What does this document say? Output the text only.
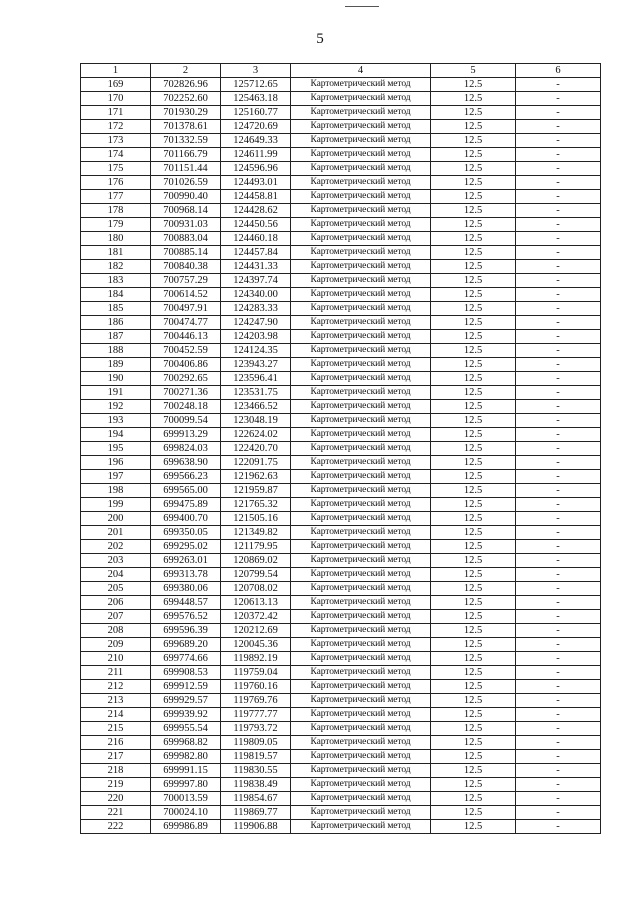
5
1	2	3	4	5	6
169	702826.96	125712.65	Картометрический метод	12.5	-
170	702252.60	125463.18	Картометрический метод	12.5	-
171	701930.29	125160.77	Картометрический метод	12.5	-
172	701378.61	124720.69	Картометрический метод	12.5	-
173	701332.59	124649.33	Картометрический метод	12.5	-
174	701166.79	124611.99	Картометрический метод	12.5	-
175	701151.44	124596.96	Картометрический метод	12.5	-
176	701026.59	124493.01	Картометрический метод	12.5	-
177	700990.40	124458.81	Картометрический метод	12.5	-
178	700968.14	124428.62	Картометрический метод	12.5	-
179	700931.03	124450.56	Картометрический метод	12.5	-
180	700883.04	124460.18	Картометрический метод	12.5	-
181	700885.14	124457.84	Картометрический метод	12.5	-
182	700840.38	124431.33	Картометрический метод	12.5	-
183	700757.29	124397.74	Картометрический метод	12.5	-
184	700614.52	124340.00	Картометрический метод	12.5	-
185	700497.91	124283.33	Картометрический метод	12.5	-
186	700474.77	124247.90	Картометрический метод	12.5	-
187	700446.13	124203.98	Картометрический метод	12.5	-
188	700452.59	124124.35	Картометрический метод	12.5	-
189	700406.86	123943.27	Картометрический метод	12.5	-
190	700292.65	123596.41	Картометрический метод	12.5	-
191	700271.36	123531.75	Картометрический метод	12.5	-
192	700248.18	123466.52	Картометрический метод	12.5	-
193	700099.54	123048.19	Картометрический метод	12.5	-
194	699913.29	122624.02	Картометрический метод	12.5	-
195	699824.03	122420.70	Картометрический метод	12.5	-
196	699638.90	122091.75	Картометрический метод	12.5	-
197	699566.23	121962.63	Картометрический метод	12.5	-
198	699565.00	121959.87	Картометрический метод	12.5	-
199	699475.89	121765.32	Картометрический метод	12.5	-
200	699400.70	121505.16	Картометрический метод	12.5	-
201	699350.05	121349.82	Картометрический метод	12.5	-
202	699295.02	121179.95	Картометрический метод	12.5	-
203	699263.01	120869.02	Картометрический метод	12.5	-
204	699313.78	120799.54	Картометрический метод	12.5	-
205	699380.06	120708.02	Картометрический метод	12.5	-
206	699448.57	120613.13	Картометрический метод	12.5	-
207	699576.52	120372.42	Картометрический метод	12.5	-
208	699596.39	120212.69	Картометрический метод	12.5	-
209	699689.20	120045.36	Картометрический метод	12.5	-
210	699774.66	119892.19	Картометрический метод	12.5	-
211	699908.53	119759.04	Картометрический метод	12.5	-
212	699912.59	119760.16	Картометрический метод	12.5	-
213	699929.57	119769.76	Картометрический метод	12.5	-
214	699939.92	119777.77	Картометрический метод	12.5	-
215	699955.54	119793.72	Картометрический метод	12.5	-
216	699968.82	119809.05	Картометрический метод	12.5	-
217	699982.80	119819.57	Картометрический метод	12.5	-
218	699991.15	119830.55	Картометрический метод	12.5	-
219	699997.80	119838.49	Картометрический метод	12.5	-
220	700013.59	119854.67	Картометрический метод	12.5	-
221	700024.10	119869.77	Картометрический метод	12.5	-
222	699986.89	119906.88	Картометрический метод	12.5	-
